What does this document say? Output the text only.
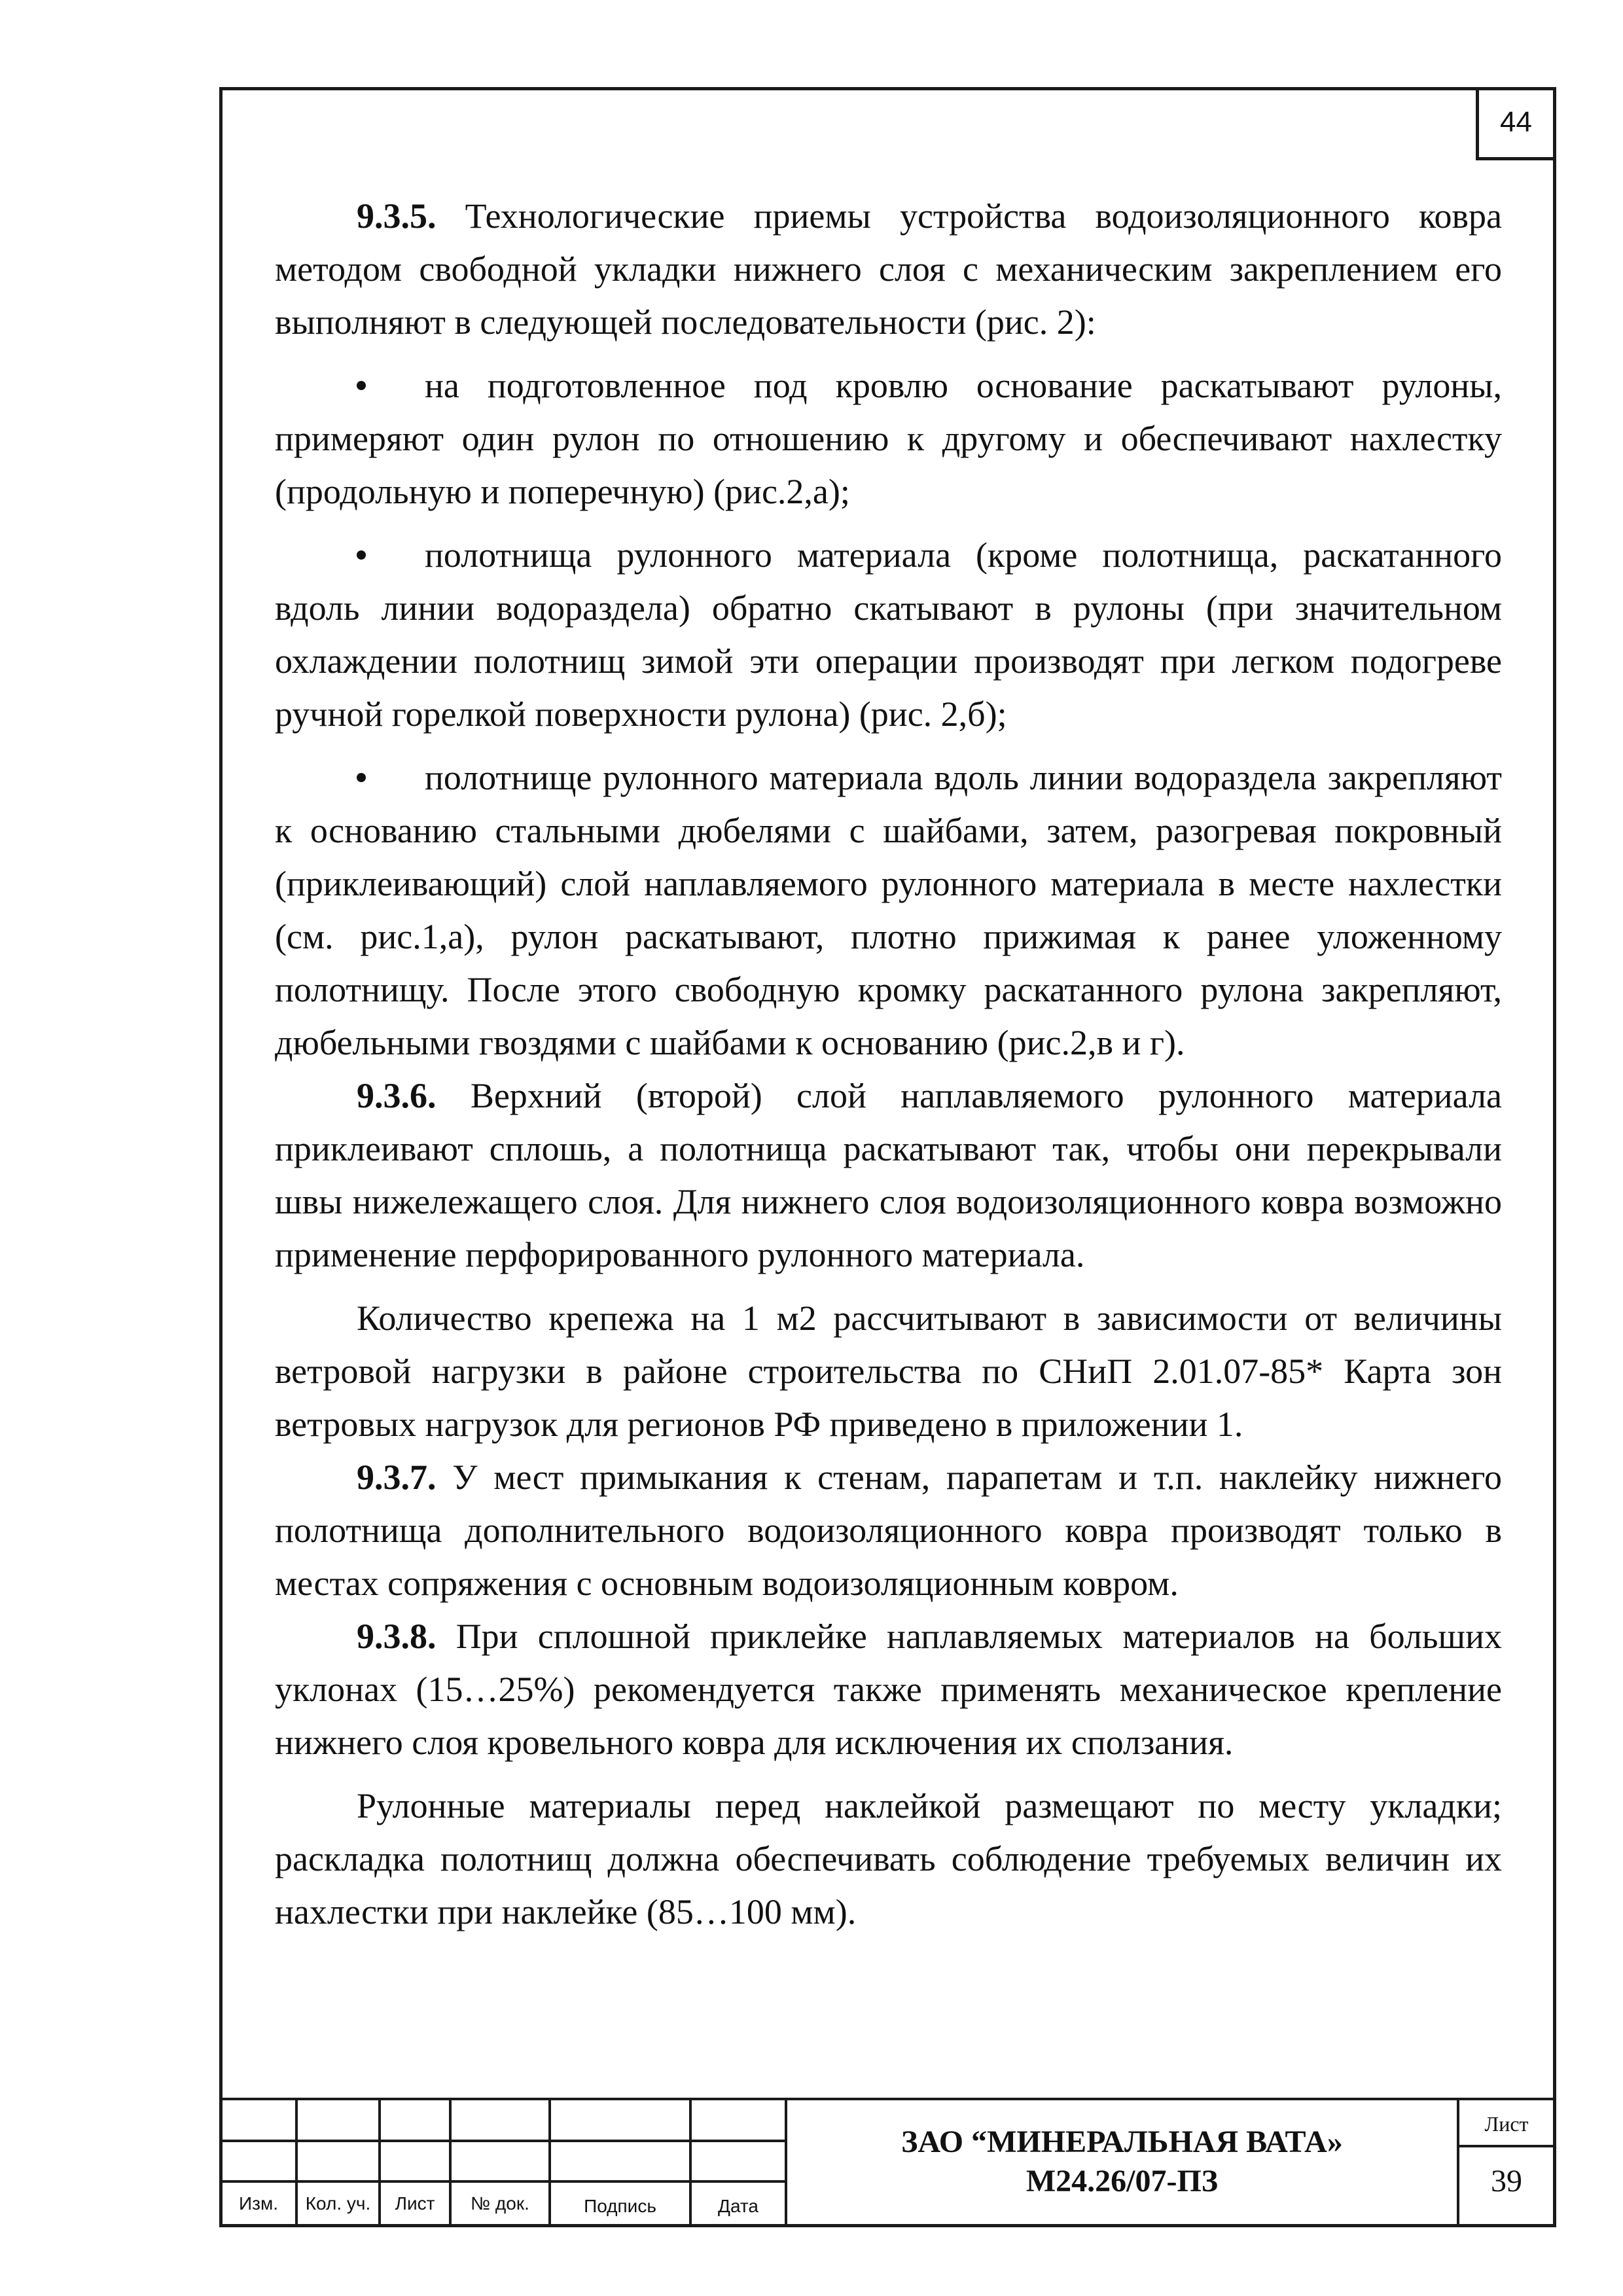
44

9.3.5. Технологические приемы устройства водоизоляционного ковра методом свободной укладки нижнего слоя с механическим закреплением его выполняют в следующей последовательности (рис. 2):

на подготовленное под кровлю основание раскатывают рулоны, примеряют один рулон по отношению к другому и обеспечивают нахлестку (продольную и поперечную) (рис.2,а);

полотнища рулонного материала (кроме полотнища, раскатанного вдоль линии водораздела) обратно скатывают в рулоны (при значительном охлаждении полотнищ зимой эти операции производят при легком подогреве ручной горелкой поверхности рулона) (рис. 2,б);

полотнище рулонного материала вдоль линии водораздела закрепляют к основанию стальными дюбелями с шайбами, затем, разогревая покровный (приклеивающий) слой наплавляемого рулонного материала в месте нахлестки (см. рис.1,а), рулон раскатывают, плотно прижимая к ранее уложенному полотнищу. После этого свободную кромку раскатанного рулона закрепляют, дюбельными гвоздями с шайбами к основанию (рис.2,в и г).

9.3.6. Верхний (второй) слой наплавляемого рулонного материала приклеивают сплошь, а полотнища раскатывают так, чтобы они перекрывали швы нижележащего слоя. Для нижнего слоя водоизоляционного ковра возможно применение перфорированного рулонного материала.

Количество крепежа на 1 м2 рассчитывают в зависимости от величины ветровой нагрузки в районе строительства по СНиП 2.01.07-85* Карта зон ветровых нагрузок для регионов РФ приведено в приложении 1.

9.3.7. У мест примыкания к стенам, парапетам и т.п. наклейку нижнего полотнища дополнительного водоизоляционного ковра производят только в местах сопряжения с основным водоизоляционным ковром.

9.3.8. При сплошной приклейке наплавляемых материалов на больших уклонах (15…25%) рекомендуется также применять механическое крепление нижнего слоя кровельного ковра для исключения их сползания.

Рулонные материалы перед наклейкой размещают по месту укладки; раскладка полотнищ должна обеспечивать соблюдение требуемых величин их нахлестки при наклейке (85…100 мм).

Изм.	Кол. уч.	Лист	№ док.	Подпись	Дата
ЗАО “МИНЕРАЛЬНАЯ ВАТА»
М24.26/07-ПЗ
Лист
39
